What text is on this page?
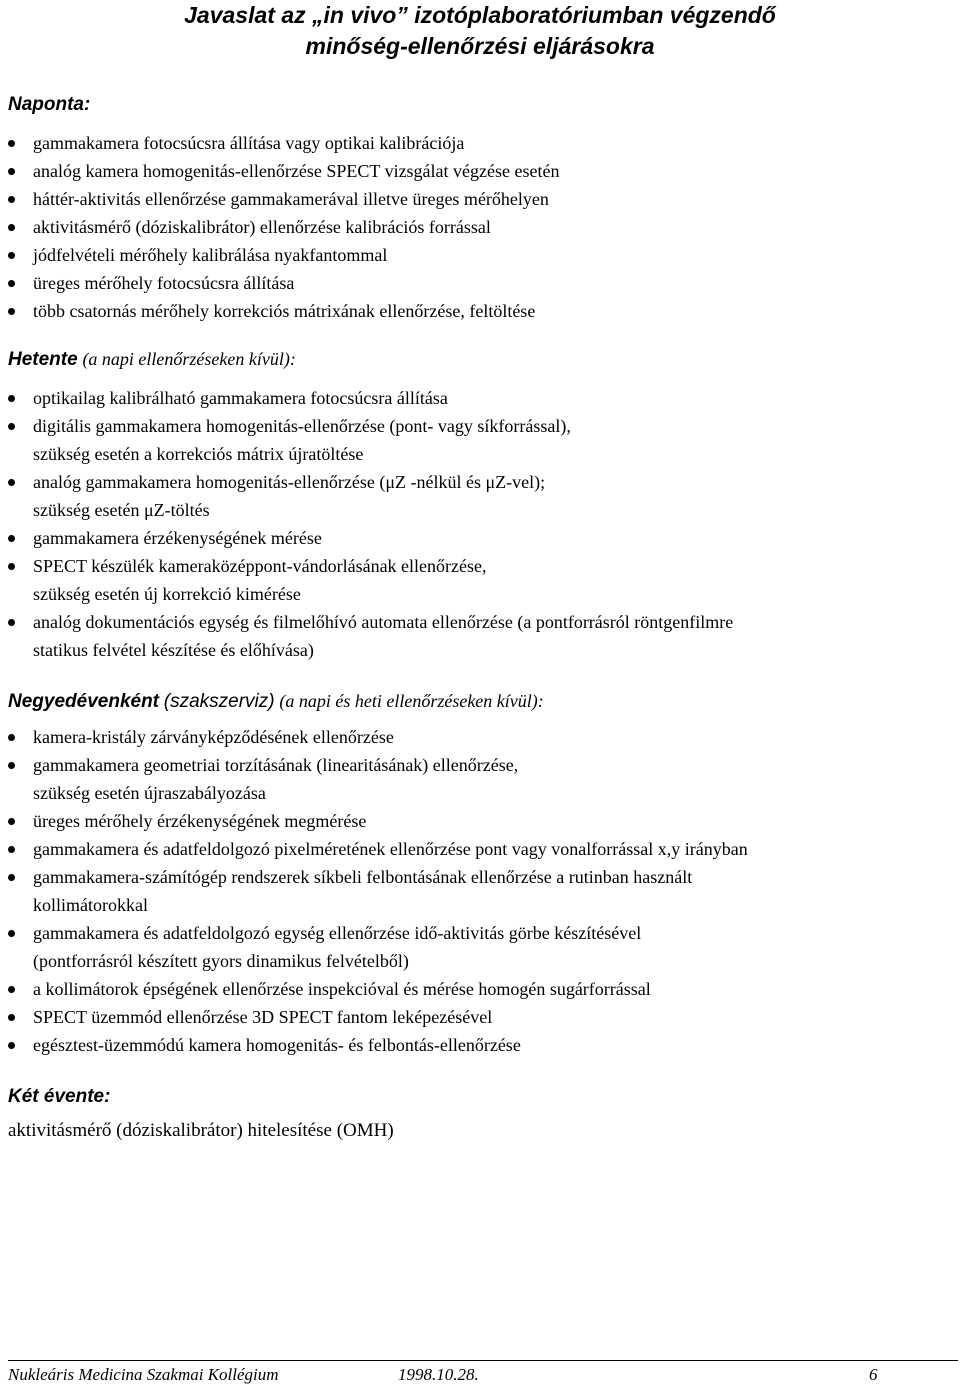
Javaslat az „in vivo” izotóplaboratóriumban végzendő
minőség-ellenőrzési eljárásokra
Naponta:
gammakamera fotocsúcsra állítása vagy optikai kalibrációja
analóg kamera homogenitás-ellenőrzése SPECT vizsgálat végzése esetén
háttér-aktivitás ellenőrzése gammakamerával illetve üreges mérőhelyen
aktivitásmérő (dóziskalibrátor) ellenőrzése kalibrációs forrással
jódfelvételi mérőhely kalibrálása nyakfantommal
üreges mérőhely fotocsúcsra állítása
több csatornás mérőhely korrekciós mátrixának ellenőrzése, feltöltése
Hetente (a napi ellenőrzéseken kívül):
optikailag kalibrálható gammakamera fotocsúcsra állítása
digitális gammakamera homogenitás-ellenőrzése (pont- vagy síkforrással),
szükség esetén a korrekciós mátrix újratöltése
analóg gammakamera homogenitás-ellenőrzése (μZ -nélkül és μZ-vel);
szükség esetén μZ-töltés
gammakamera érzékenységének mérése
SPECT készülék kameraközéppont-vándorlásának ellenőrzése,
szükség esetén új korrekció kimérése
analóg dokumentációs egység és filmelőhívó automata ellenőrzése (a pontforrásról röntgenfilmre
statikus felvétel készítése és előhívása)
Negyedévenként (szakszerviz) (a napi és heti ellenőrzéseken kívül):
kamera-kristály zárványképződésének ellenőrzése
gammakamera geometriai torzításának (linearitásának) ellenőrzése,
szükség esetén újraszabályozása
üreges mérőhely érzékenységének megmérése
gammakamera és adatfeldolgozó pixelméretének ellenőrzése pont vagy vonalforrással x,y irányban
gammakamera-számítógép rendszerek síkbeli felbontásának ellenőrzése a rutinban használt
kollimátorokkal
gammakamera és adatfeldolgozó egység ellenőrzése idő-aktivitás görbe készítésével
(pontforrásról készített gyors dinamikus felvételből)
a kollimátorok épségének ellenőrzése inspekcióval és mérése homogén sugárforrással
SPECT üzemmód ellenőrzése 3D SPECT fantom leképezésével
egésztest-üzemmódú kamera homogenitás- és felbontás-ellenőrzése
Két évente:
aktivitásmérő (dóziskalibrátor) hitelesítése (OMH)
Nukleáris Medicina Szakmai Kollégium	1998.10.28.	6
